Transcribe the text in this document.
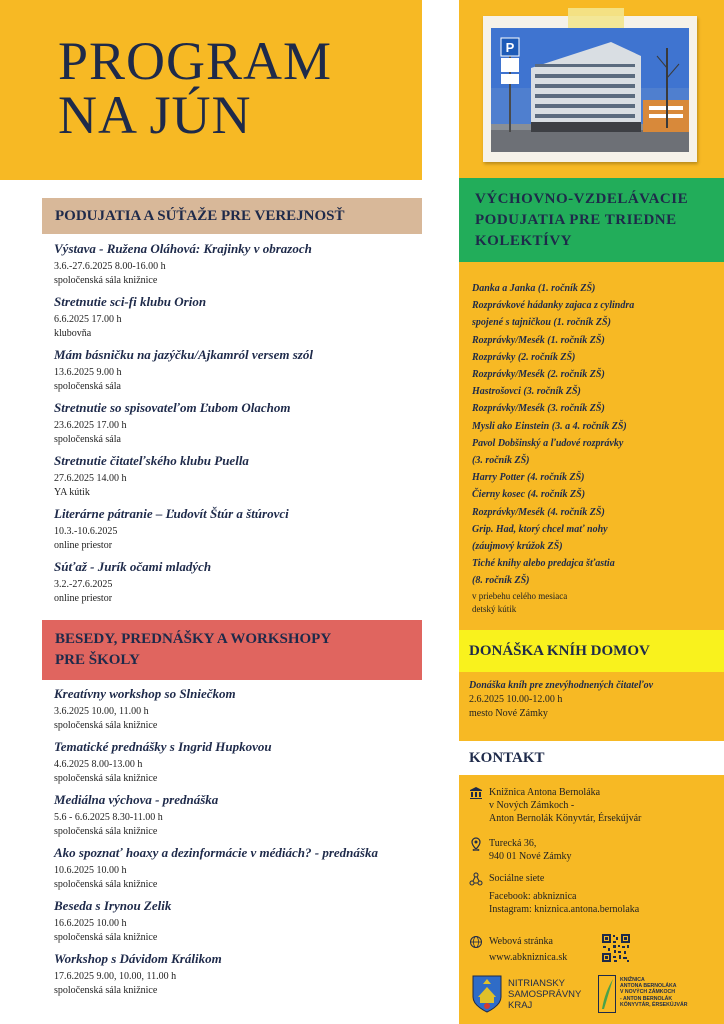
PROGRAM
NA JÚN
P
PODUJATIA A SÚŤAŽE PRE VEREJNOSŤ
Výstava - Ružena Oláhová: Krajinky v obrazoch
3.6.-27.6.2025 8.00-16.00 h
spoločenská sála knižnice
Stretnutie sci-fi klubu Orion
6.6.2025 17.00 h
klubovňa
Mám básničku na jazýčku/Ajkamról versem szól
13.6.2025 9.00 h
spoločenská sála
Stretnutie so spisovateľom Ľubom Olachom
23.6.2025 17.00 h
spoločenská sála
Stretnutie čitateľského klubu Puella
27.6.2025 14.00 h
YA kútik
Literárne pátranie – Ľudovít Štúr a štúrovci
10.3.-10.6.2025
online priestor
Súťaž - Jurík očami mladých
3.2.-27.6.2025
online priestor
BESEDY, PREDNÁŠKY A WORKSHOPY
PRE ŠKOLY
Kreatívny workshop so Slniečkom
3.6.2025 10.00, 11.00 h
spoločenská sála knižnice
Tematické prednášky s Ingrid Hupkovou
4.6.2025 8.00-13.00 h
spoločenská sála knižnice
Mediálna výchova - prednáška
5.6 - 6.6.2025 8.30-11.00 h
spoločenská sála knižnice
Ako spoznať hoaxy a dezinformácie v médiách? - prednáška
10.6.2025 10.00 h
spoločenská sála knižnice
Beseda s Irynou Zelik
16.6.2025 10.00 h
spoločenská sála knižnice
Workshop s Dávidom Králikom
17.6.2025 9.00, 10.00, 11.00 h
spoločenská sála knižnice
VÝCHOVNO-VZDELÁVACIE
PODUJATIA PRE TRIEDNE
KOLEKTÍVY
Danka a Janka (1. ročník ZŠ)
Rozprávkové hádanky zajaca z cylindra
spojené s tajničkou (1. ročník ZŠ)
Rozprávky/Mesék (1. ročník ZŠ)
Rozprávky (2. ročník ZŠ)
Rozprávky/Mesék (2. ročník ZŠ)
Hastrošovci (3. ročník ZŠ)
Rozprávky/Mesék (3. ročník ZŠ)
Mysli ako Einstein (3. a 4. ročník ZŠ)
Pavol Dobšinský a ľudové rozprávky
(3. ročník ZŠ)
Harry Potter (4. ročník ZŠ)
Čierny kosec (4. ročník ZŠ)
Rozprávky/Mesék (4. ročník ZŠ)
Grip. Had, ktorý chcel mať nohy
(záujmový krúžok ZŠ)
Tiché knihy alebo predajca šťastia
(8. ročník ZŠ)
v priebehu celého mesiaca
detský kútik
DONÁŠKA KNÍH DOMOV
Donáška kníh pre znevýhodnených čitateľov
2.6.2025 10.00-12.00 h
mesto Nové Zámky
KONTAKT
Knižnica Antona Bernoláka
v Nových Zámkoch -
Anton Bernolák Könyvtár, Érsekújvár
Turecká 36,
940 01 Nové Zámky
Sociálne siete
Facebook: abkniznica
Instagram: kniznica.antona.bernolaka
Webová stránka
www.abkniznica.sk
NITRIANSKY
SAMOSPRÁVNY
KRAJ
KNIŽNICA
ANTONA BERNOLÁKA
V NOVÝCH ZÁMKOCH
- ANTON BERNOLÁK
KÖNYVTÁR, ÉRSEKÚJVÁR
